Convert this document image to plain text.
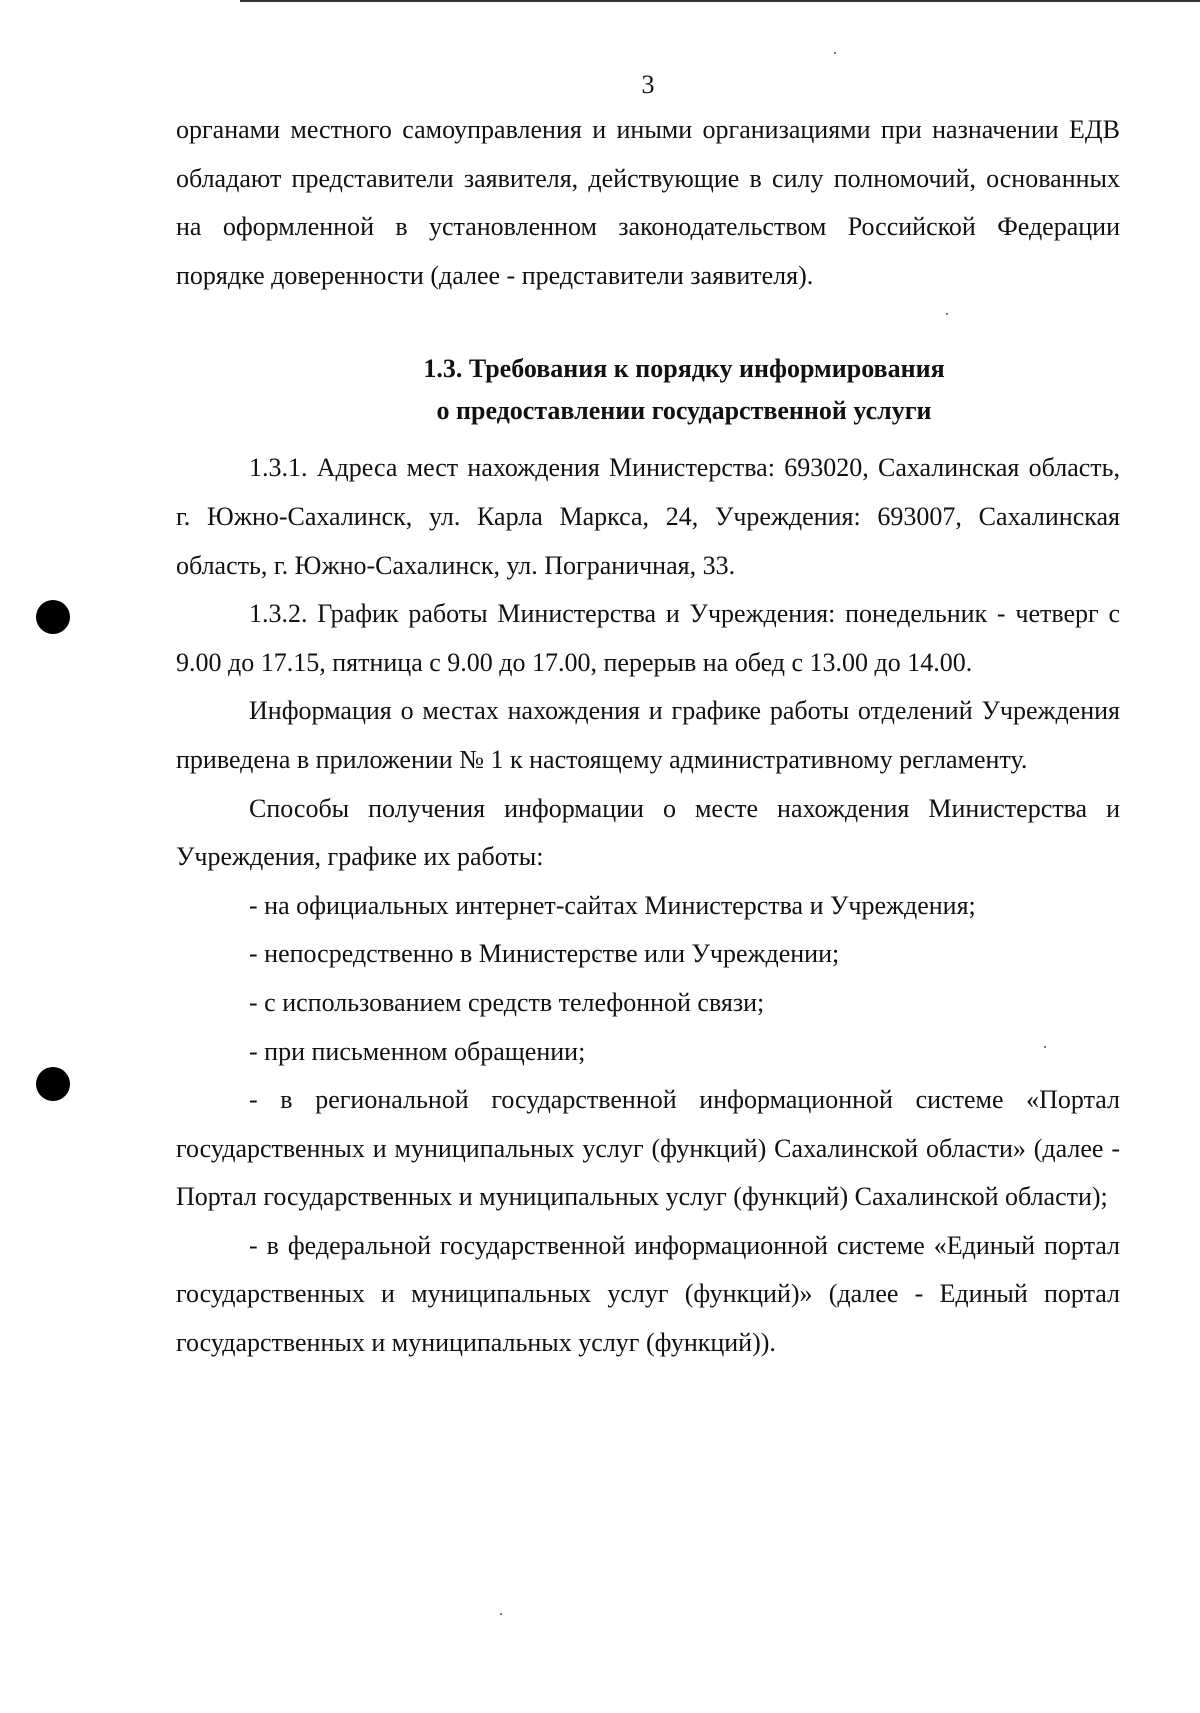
3

органами местного самоуправления и иными организациями при назначении ЕДВ обладают представители заявителя, действующие в силу полномочий, основанных на оформленной в установленном законодательством Российской Федерации порядке доверенности (далее - представители заявителя).

1.3. Требования к порядку информирования
о предоставлении государственной услуги

1.3.1. Адреса мест нахождения Министерства: 693020, Сахалинская область, г. Южно-Сахалинск, ул. Карла Маркса, 24, Учреждения: 693007, Сахалинская область, г. Южно-Сахалинск, ул. Пограничная, 33.

1.3.2. График работы Министерства и Учреждения: понедельник - четверг с 9.00 до 17.15, пятница с 9.00 до 17.00, перерыв на обед с 13.00 до 14.00.

Информация о местах нахождения и графике работы отделений Учреждения приведена в приложении № 1 к настоящему административному регламенту.

Способы получения информации о месте нахождения Министерства и Учреждения, графике их работы:

- на официальных интернет-сайтах Министерства и Учреждения;

- непосредственно в Министерстве или Учреждении;

- с использованием средств телефонной связи;

- при письменном обращении;

- в региональной государственной информационной системе «Портал государственных и муниципальных услуг (функций) Сахалинской области» (далее - Портал государственных и муниципальных услуг (функций) Сахалинской области);

- в федеральной государственной информационной системе «Единый портал государственных и муниципальных услуг (функций)» (далее - Единый портал государственных и муниципальных услуг (функций)).
